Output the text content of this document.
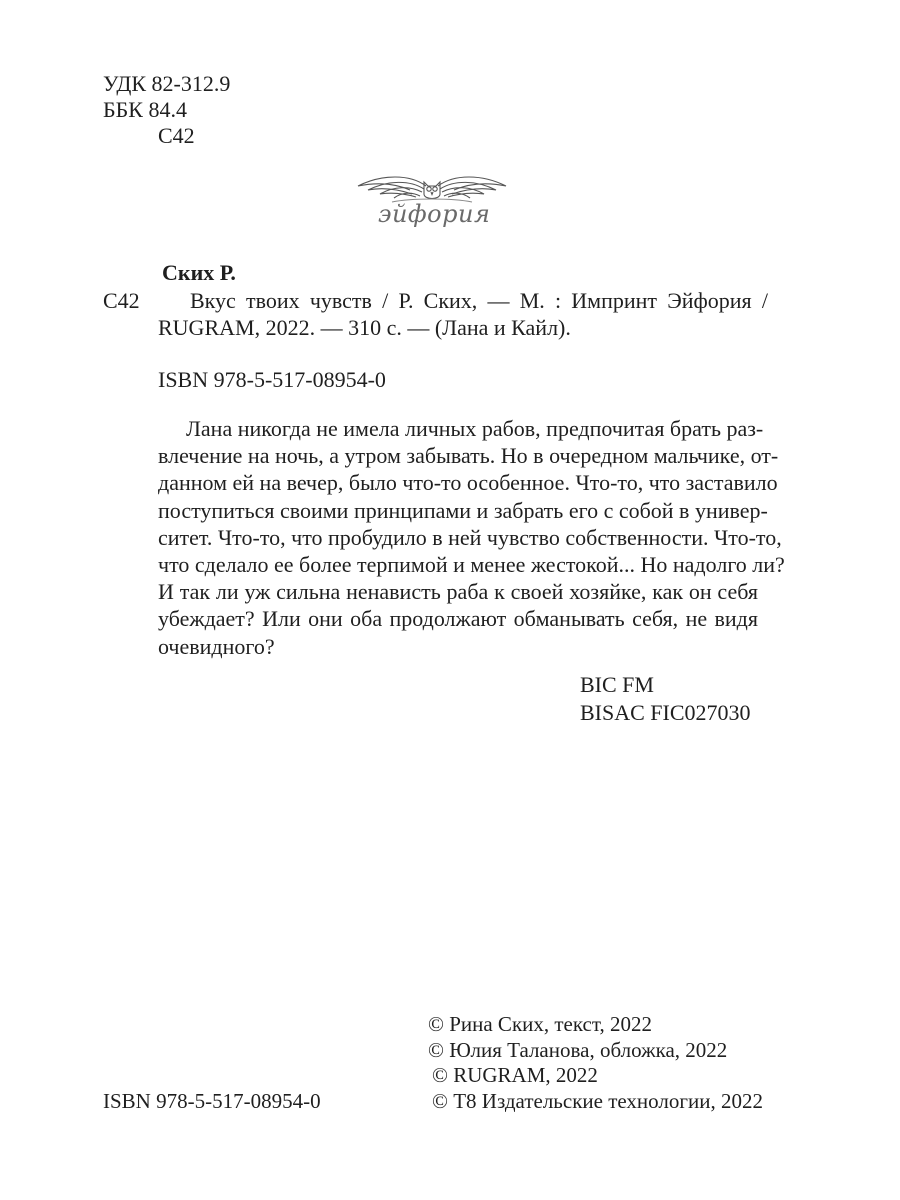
УДК 82-312.9
ББК 84.4
С42
эйфория
Ских Р.
С42 Вкус твоих чувств / Р. Ских, — М. : Импринт Эйфория /
RUGRAM, 2022. — 310 с. — (Лана и Кайл).
ISBN 978-5-517-08954-0
Лана никогда не имела личных рабов, предпочитая брать раз-
влечение на ночь, а утром забывать. Но в очередном мальчике, от-
данном ей на вечер, было что-то особенное. Что-то, что заставило
поступиться своими принципами и забрать его с собой в универ-
ситет. Что-то, что пробудило в ней чувство собственности. Что-то,
что сделало ее более терпимой и менее жестокой... Но надолго ли?
И так ли уж сильна ненависть раба к своей хозяйке, как он себя
убеждает? Или они оба продолжают обманывать себя, не видя
очевидного?
BIC FM
BISAC FIC027030
ISBN 978-5-517-08954-0
© Рина Ских, текст, 2022
© Юлия Таланова, обложка, 2022
© RUGRAM, 2022
© Т8 Издательские технологии, 2022
